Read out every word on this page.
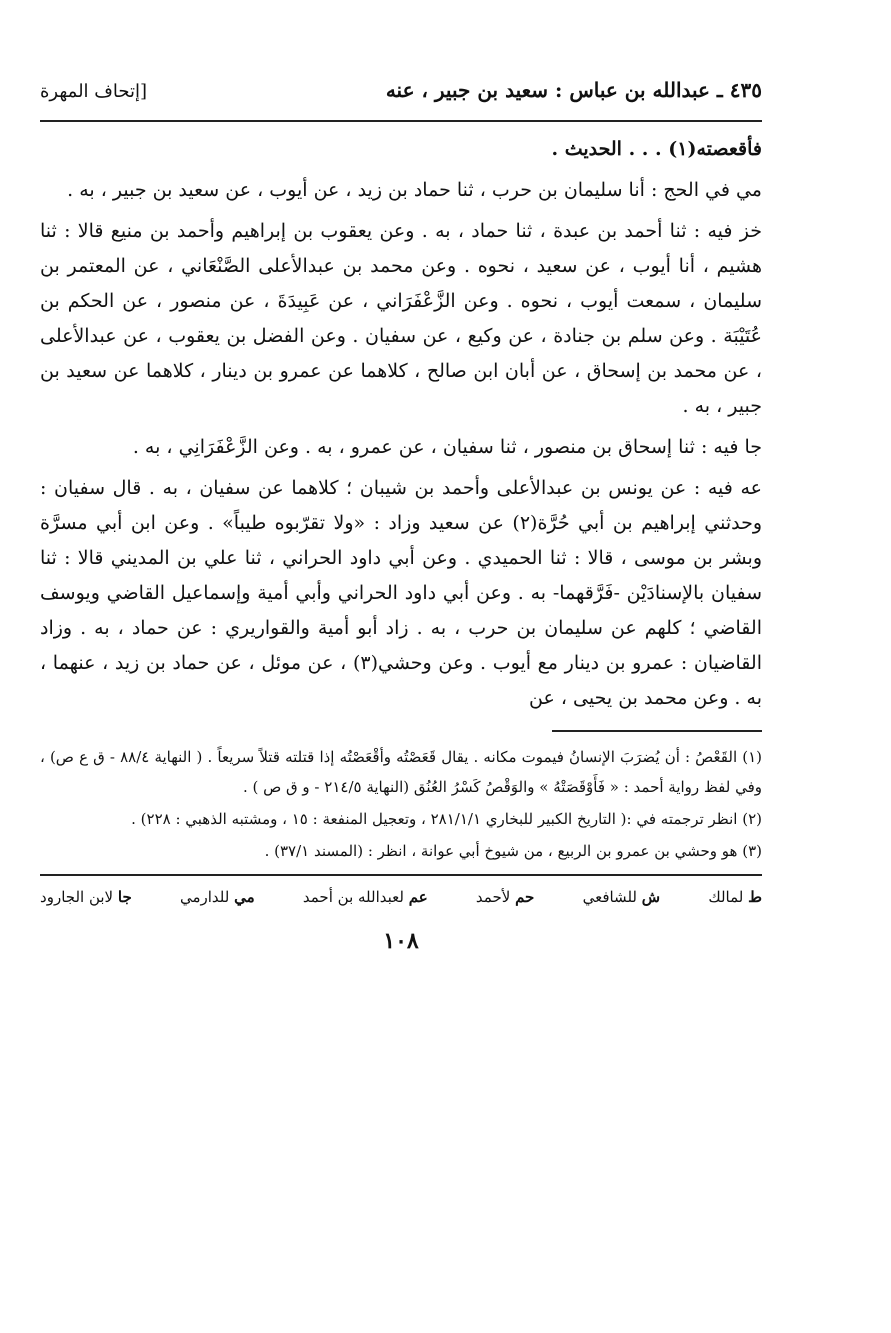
٤٣٥ ـ عبدالله بن عباس : سعيد بن جبير ، عنه
[إتحاف المهرة

فأقعصته(١) . . . الحديث .

مي في الحج : أنا سليمان بن حرب ، ثنا حماد بن زيد ، عن أيوب ، عن سعيد بن جبير ، به .

خز فيه : ثنا أحمد بن عبدة ، ثنا حماد ، به . وعن يعقوب بن إبراهيم وأحمد بن منيع قالا : ثنا هشيم ، أنا أيوب ، عن سعيد ، نحوه . وعن محمد بن عبدالأعلى الصَّنْعَاني ، عن المعتمر بن سليمان ، سمعت أيوب ، نحوه . وعن الزَّعْفَرَاني ، عن عَبِيدَةَ ، عن منصور ، عن الحكم بن عُتَيْبَة . وعن سلم بن جنادة ، عن وكيع ، عن سفيان . وعن الفضل بن يعقوب ، عن عبدالأعلى ، عن محمد بن إسحاق ، عن أبان ابن صالح ، كلاهما عن عمرو بن دينار ، كلاهما عن سعيد بن جبير ، به .

جا فيه : ثنا إسحاق بن منصور ، ثنا سفيان ، عن عمرو ، به . وعن الزَّعْفَرَانِي ، به .

عه فيه : عن يونس بن عبدالأعلى وأحمد بن شيبان ؛ كلاهما عن سفيان ، به . قال سفيان : وحدثني إبراهيم بن أبي حُرَّة(٢) عن سعيد وزاد : «ولا تقرّبوه طيباً» . وعن ابن أبي مسرَّة وبشر بن موسى ، قالا : ثنا الحميدي . وعن أبي داود الحراني ، ثنا علي بن المديني قالا : ثنا سفيان بالإسنادَيْن -فَرَّقهما- به . وعن أبي داود الحراني وأبي أمية وإسماعيل القاضي ويوسف القاضي ؛ كلهم عن سليمان بن حرب ، به . زاد أبو أمية والقواريري : عن حماد ، به . وزاد القاضيان : عمرو بن دينار مع أيوب . وعن وحشي(٣) ، عن موئل ، عن حماد بن زيد ، عنهما ، به . وعن محمد بن يحيى ، عن

(١) القَعْصُ : أن يُضرَبَ الإنسانُ فيموت مكانه . يقال قَعَصْتُه وأقْعَصْتُه إذا قتلته قتلاً سريعاً . ( النهاية ٨٨/٤ - ق ع ص) ، وفي لفظ رواية أحمد : « فَأَوْقَصَتْهُ » والوَقْصُ كَسْرُ العُنُق (النهاية ٢١٤/٥ - و ق ص ) .

(٢) انظر ترجمته في :( التاريخ الكبير للبخاري ٢٨١/١/١ ، وتعجيل المنفعة : ١٥ ، ومشتبه الذهبي : ٢٢٨) .

(٣) هو وحشي بن عمرو بن الربيع ، من شيوخ أبي عوانة ، انظر : (المسند ٣٧/١) .

ط لمالك
ش للشافعي
حم لأحمد
عم لعبدالله بن أحمد
مي للدارمي
جا لابن الجارود
١٠٨
